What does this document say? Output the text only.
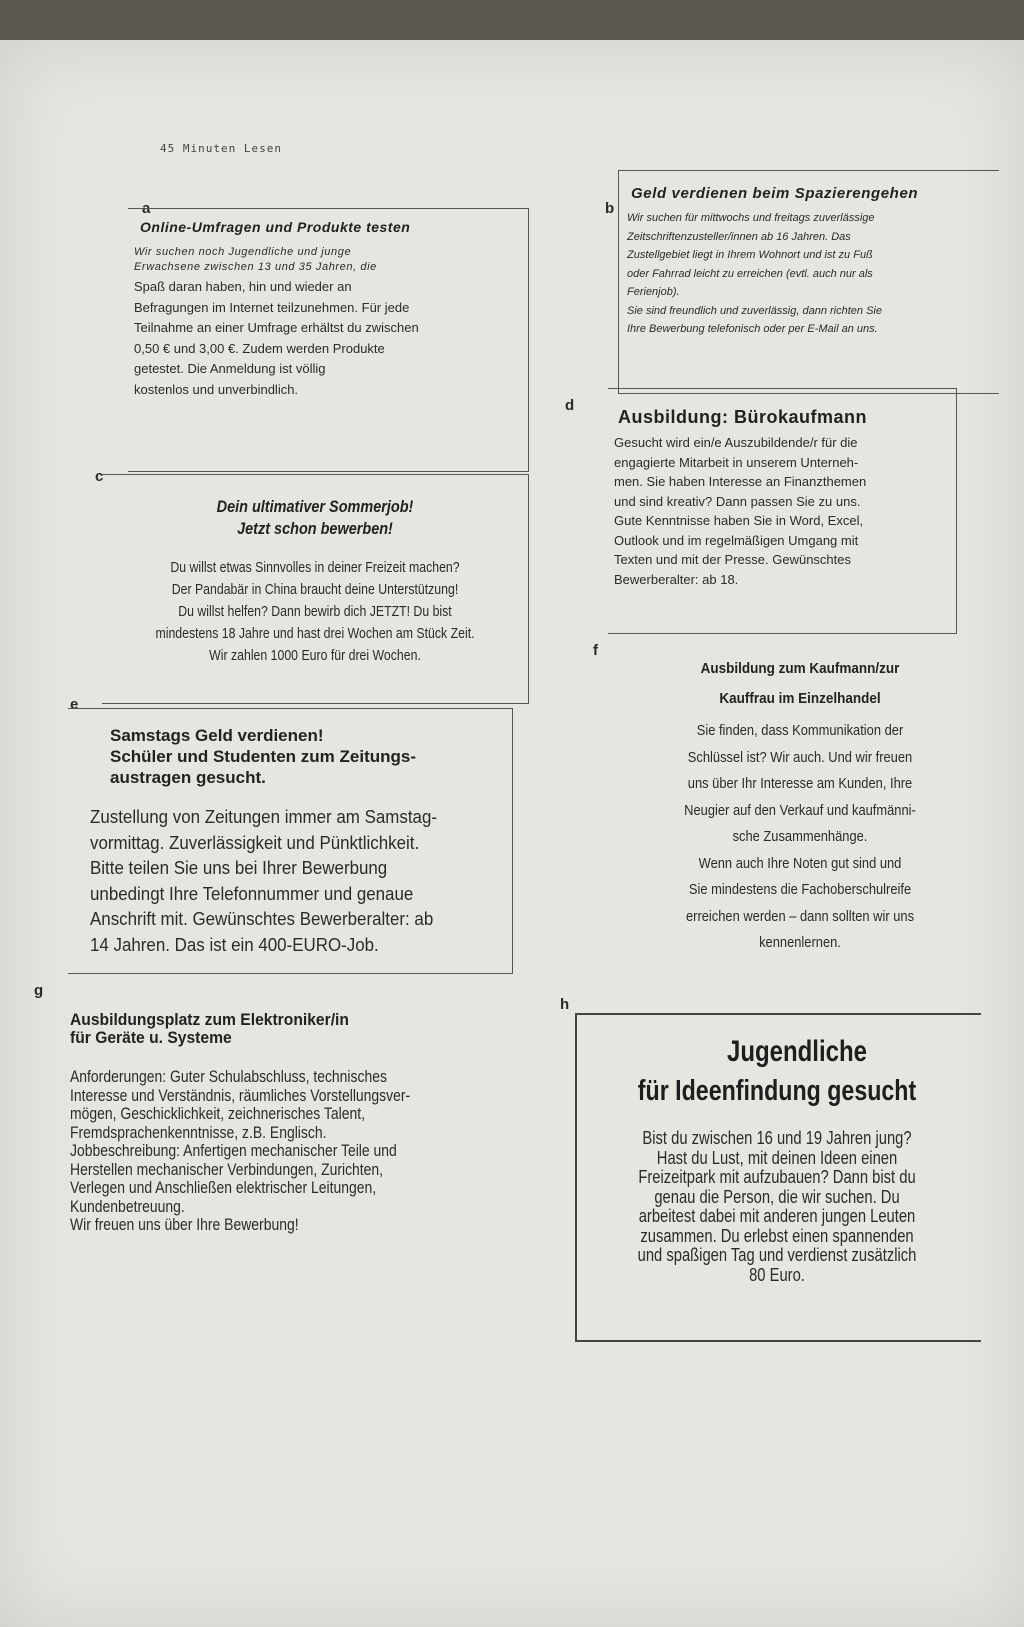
45 Minuten Lesen
a
Online-Umfragen und Produkte testen

Wir suchen noch Jugendliche und junge

Erwachsene zwischen 13 und 35 Jahren, die

Spaß daran haben, hin und wieder an

Befragungen im Internet teilzunehmen. Für jede

Teilnahme an einer Umfrage erhältst du zwischen

0,50 € und 3,00 €. Zudem werden Produkte

getestet. Die Anmeldung ist völlig

kostenlos und unverbindlich.

b
Geld verdienen beim Spazierengehen

Wir suchen für mittwochs und freitags zuverlässige

Zeitschriftenzusteller/innen ab 16 Jahren. Das

Zustellgebiet liegt in Ihrem Wohnort und ist zu Fuß

oder Fahrrad leicht zu erreichen (evtl. auch nur als

Ferienjob).

Sie sind freundlich und zuverlässig, dann richten Sie

Ihre Bewerbung telefonisch oder per E-Mail an uns.

d
Ausbildung: Bürokaufmann

Gesucht wird ein/e Auszubildende/r für die

engagierte Mitarbeit in unserem Unterneh-

men. Sie haben Interesse an Finanzthemen

und sind kreativ? Dann passen Sie zu uns.

Gute Kenntnisse haben Sie in Word, Excel,

Outlook und im regelmäßigen Umgang mit

Texten und mit der Presse. Gewünschtes

Bewerberalter: ab 18.

c
Dein ultimativer Sommerjob!
Jetzt schon bewerben!

Du willst etwas Sinnvolles in deiner Freizeit machen?

Der Pandabär in China braucht deine Unterstützung!

Du willst helfen? Dann bewirb dich JETZT! Du bist

mindestens 18 Jahre und hast drei Wochen am Stück Zeit.

Wir zahlen 1000 Euro für drei Wochen.	f
Ausbildung zum Kaufmann/zur
Kauffrau im Einzelhandel

Sie finden, dass Kommunikation der

Schlüssel ist? Wir auch. Und wir freuen

uns über Ihr Interesse am Kunden, Ihre

Neugier auf den Verkauf und kaufmänni-

sche Zusammenhänge.

Wenn auch Ihre Noten gut sind und

Sie mindestens die Fachoberschulreife

erreichen werden – dann sollten wir uns

kennenlernen.

e
Samstags Geld verdienen!
Schüler und Studenten zum Zeitungs-
austragen gesucht.

Zustellung von Zeitungen immer am Samstag-

vormittag. Zuverlässigkeit und Pünktlichkeit.

Bitte teilen Sie uns bei Ihrer Bewerbung

unbedingt Ihre Telefonnummer und genaue

Anschrift mit. Gewünschtes Bewerberalter: ab

14 Jahren. Das ist ein 400-EURO-Job.

g
Ausbildungsplatz zum Elektroniker/in
für Geräte u. Systeme

Anforderungen: Guter Schulabschluss, technisches

Interesse und Verständnis, räumliches Vorstellungsver-

mögen, Geschicklichkeit, zeichnerisches Talent,

Fremdsprachenkenntnisse, z.B. Englisch.

Jobbeschreibung: Anfertigen mechanischer Teile und

Herstellen mechanischer Verbindungen, Zurichten,

Verlegen und Anschließen elektrischer Leitungen,

Kundenbetreuung.

Wir freuen uns über Ihre Bewerbung!

h
Jugendliche
für Ideenfindung gesucht

Bist du zwischen 16 und 19 Jahren jung?

Hast du Lust, mit deinen Ideen einen

Freizeitpark mit aufzubauen? Dann bist du

genau die Person, die wir suchen. Du

arbeitest dabei mit anderen jungen Leuten

zusammen. Du erlebst einen spannenden

und spaßigen Tag und verdienst zusätzlich

80 Euro.
